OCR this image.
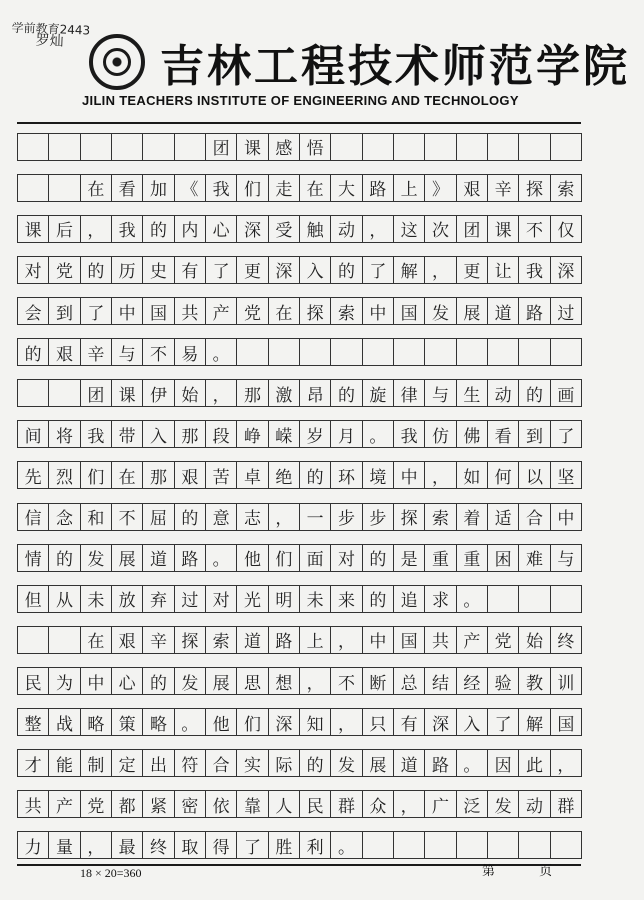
学前教育2443

罗灿 吉林工程技术师范学院
JILIN TEACHERS INSTITUTE OF ENGINEERING AND TECHNOLOGY
团 课 感 悟
在 看 加 《 我 们 走 在 大 路 上 》 艰 辛 探 索
课 后 ， 我 的 内 心 深 受 触 动 ， 这 次 团 课 不 仅
对 党 的 历 史 有 了 更 深 入 的 了 解 ， 更 让 我 深
会 到 了 中 国 共 产 党 在 探 索 中 国 发 展 道 路 过
的 艰 辛 与 不 易 。
团 课 伊 始 ， 那 激 昂 的 旋 律 与 生 动 的 画
间 将 我 带 入 那 段 峥 嵘 岁 月 。 我 仿 佛 看 到 了
先 烈 们 在 那 艰 苦 卓 绝 的 环 境 中 ， 如 何 以 坚
信 念 和 不 屈 的 意 志 ， 一 步 步 探 索 着 适 合 中
情 的 发 展 道 路 。 他 们 面 对 的 是 重 重 困 难 与
但 从 未 放 弃 过 对 光 明 未 来 的 追 求 。
在 艰 辛 探 索 道 路 上 ， 中 国 共 产 党 始 终
民 为 中 心 的 发 展 思 想 ， 不 断 总 结 经 验 教 训
整 战 略 策 略 。 他 们 深 知 ， 只 有 深 入 了 解 国
才 能 制 定 出 符 合 实 际 的 发 展 道 路 。 因 此 ，
共 产 党 都 紧 密 依 靠 人 民 群 众 ， 广 泛 发 动 群
力 量 ， 最 终 取 得 了 胜 利 。
18 × 20=360	第 页
